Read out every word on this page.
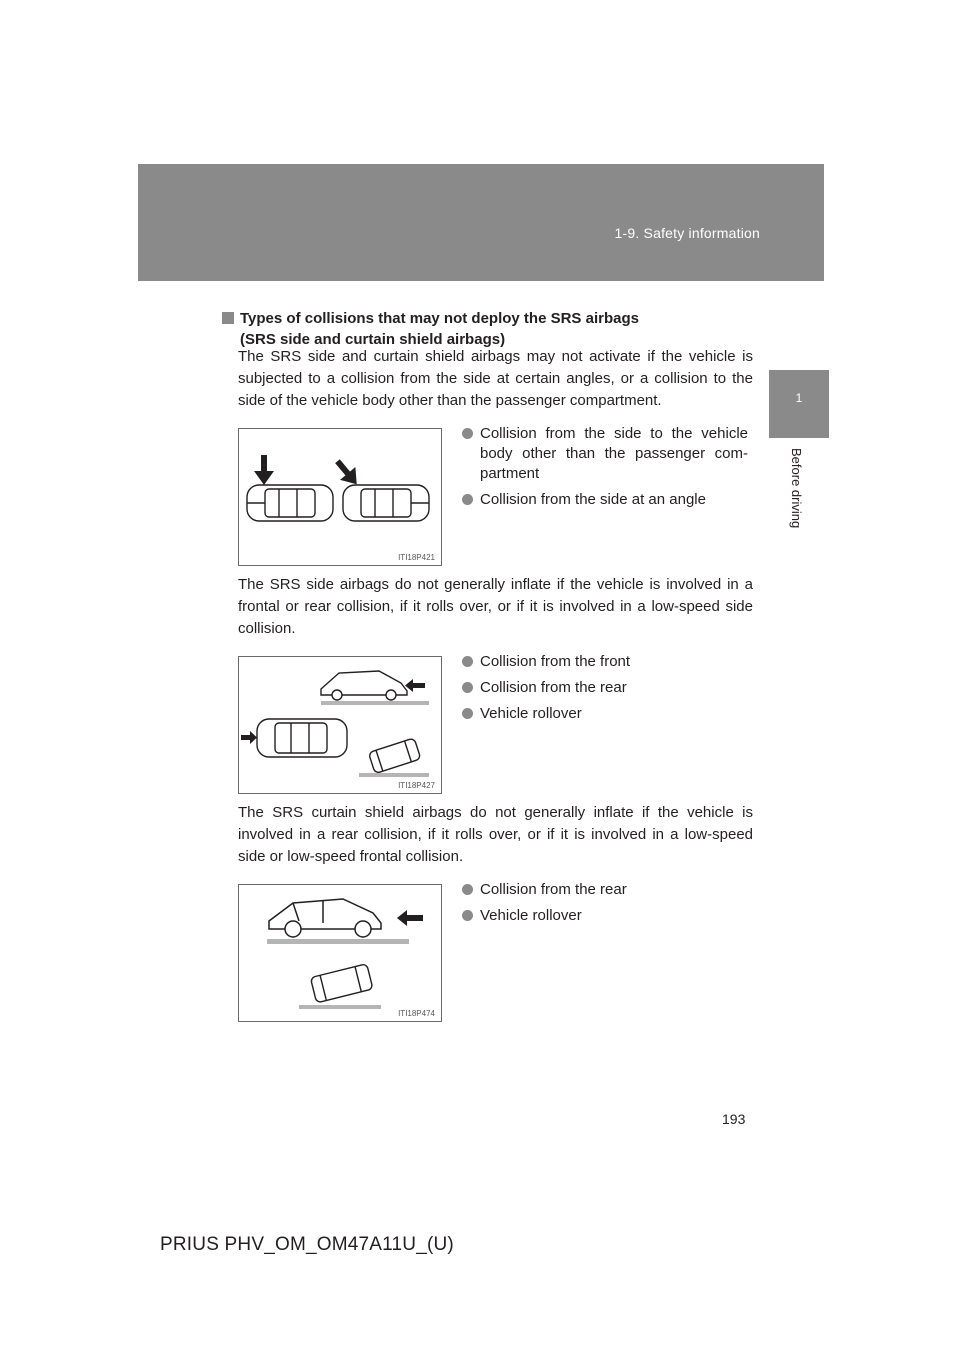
1-9. Safety information
1
Before driving
Types of collisions that may not deploy the SRS airbags
(SRS side and curtain shield airbags)
The SRS side and curtain shield airbags may not activate if the vehicle is subjected to a collision from the side at certain angles, or a collision to the side of the vehicle body other than the passenger compartment.
ITI18P421
Collision from the side to the vehicle body other than the passenger com-partment
Collision from the side at an angle
The SRS side airbags do not generally inflate if the vehicle is involved in a frontal or rear collision, if it rolls over, or if it is involved in a low-speed side collision.
ITI18P427
Collision from the front
Collision from the rear
Vehicle rollover
The SRS curtain shield airbags do not generally inflate if the vehicle is involved in a rear collision, if it rolls over, or if it is involved in a low-speed side or low-speed frontal collision.
ITI18P474
Collision from the rear
Vehicle rollover
193
PRIUS PHV_OM_OM47A11U_(U)
